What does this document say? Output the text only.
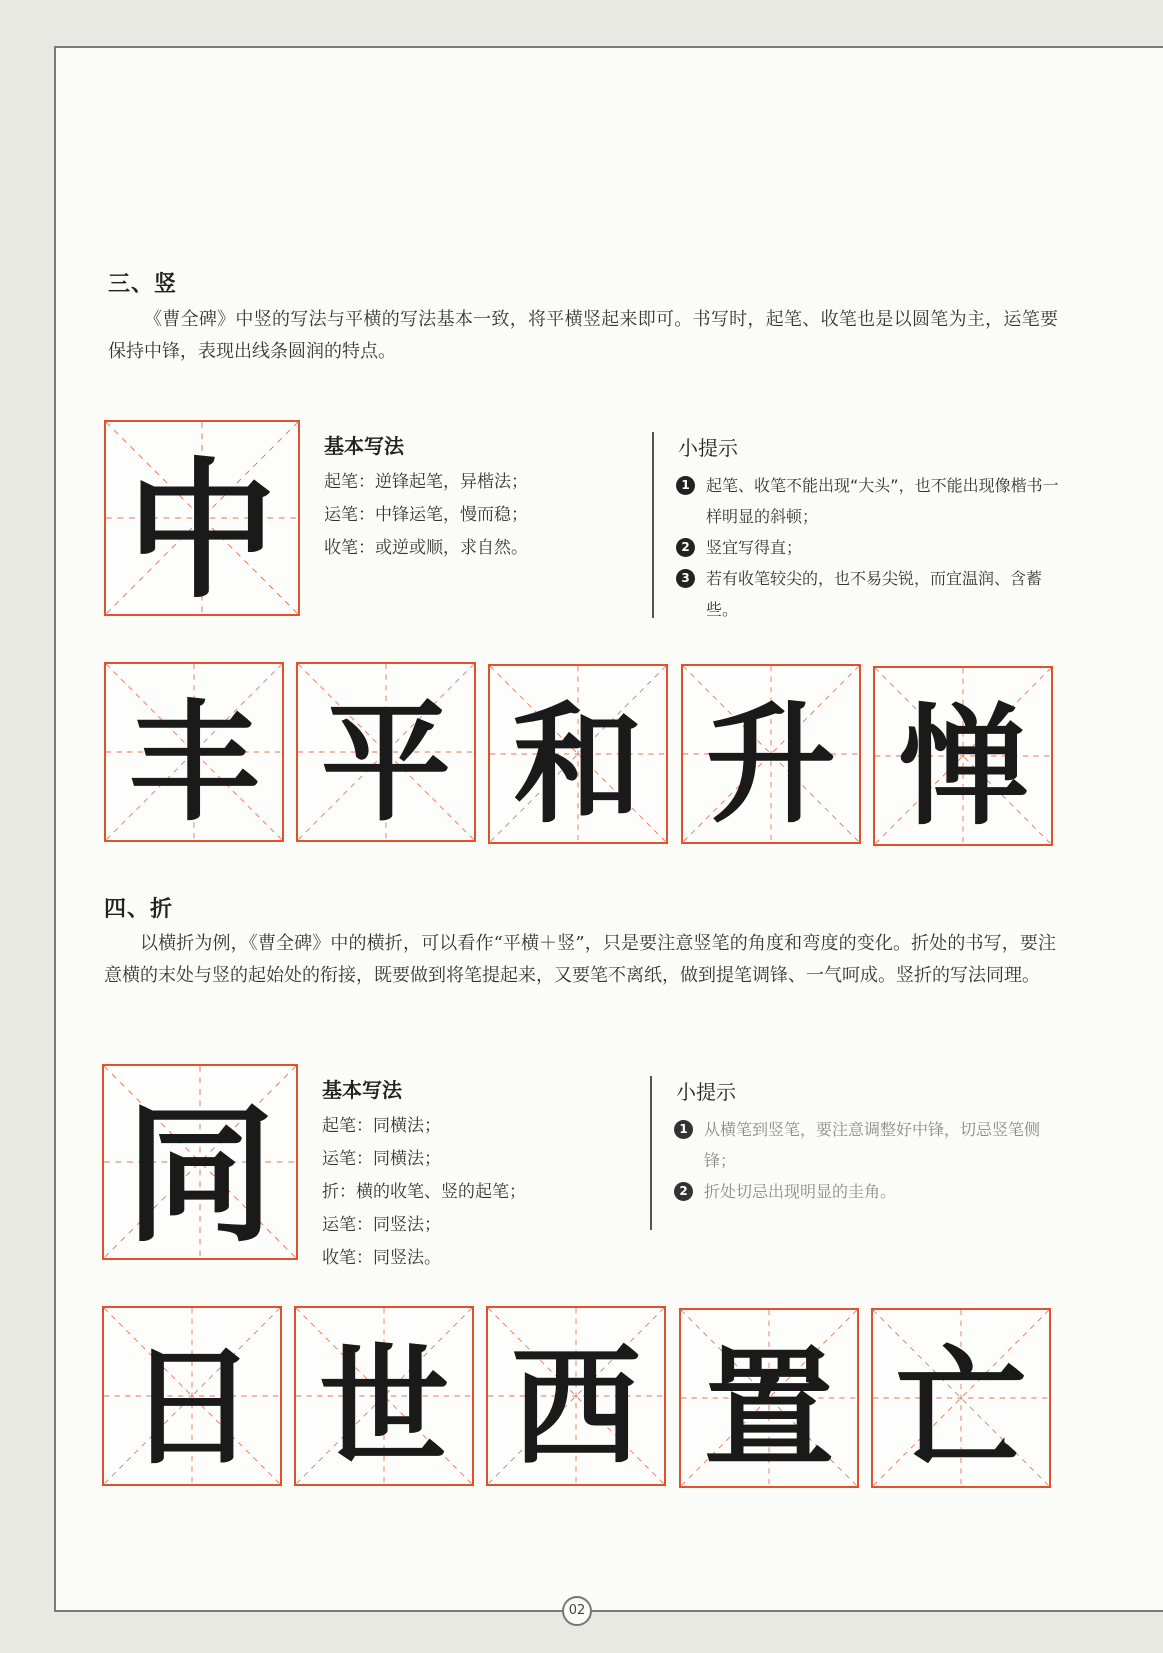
三、竖

《曹全碑》中竖的写法与平横的写法基本一致，将平横竖起来即可。书写时，起笔、收笔也是以圆笔为主，运笔要保持中锋，表现出线条圆润的特点。

中	基本写法
起笔：逆锋起笔，异楷法；
运笔：中锋运笔，慢而稳；
收笔：或逆或顺，求自然。
小提示
1	起笔、收笔不能出现“大头”，也不能出现像楷书一样明显的斜顿；
2	竖宜写得直；
3	若有收笔较尖的，也不易尖锐，而宜温润、含蓄些。
丰 平 和 升 惮
四、折

以横折为例，《曹全碑》中的横折，可以看作“平横＋竖”，只是要注意竖笔的角度和弯度的变化。折处的书写，要注意横的末处与竖的起始处的衔接，既要做到将笔提起来，又要笔不离纸，做到提笔调锋、一气呵成。竖折的写法同理。

同	基本写法
起笔：同横法；
运笔：同横法；
折：横的收笔、竖的起笔；
运笔：同竖法；
收笔：同竖法。
小提示
1	从横笔到竖笔，要注意调整好中锋，切忌竖笔侧锋；
2	折处切忌出现明显的圭角。
日 世 西 置 亡
02
